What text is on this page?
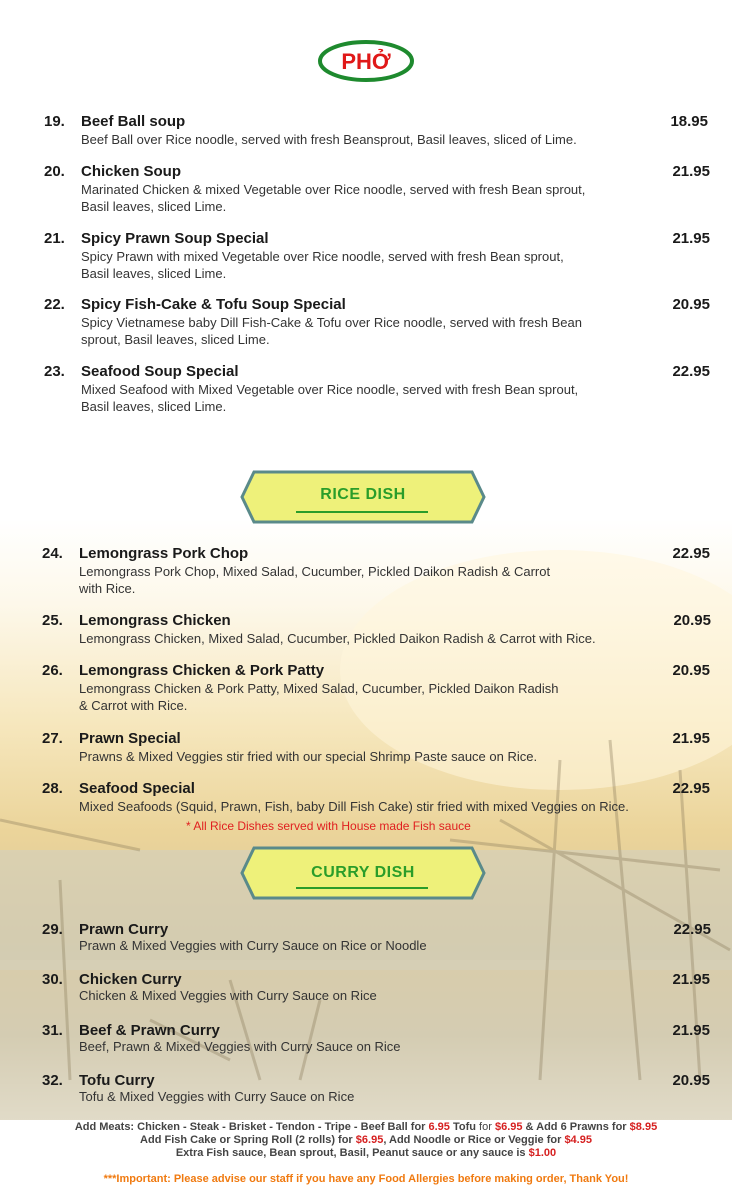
PHỞ
19. Beef Ball soup	18.95
Beef Ball over Rice noodle, served with fresh Beansprout, Basil leaves, sliced of Lime.
20. Chicken Soup	21.95
Marinated Chicken & mixed Vegetable over Rice noodle, served with fresh Bean sprout,
Basil leaves, sliced Lime.
21. Spicy Prawn Soup Special	21.95
Spicy Prawn with mixed Vegetable over Rice noodle, served with fresh Bean sprout,
Basil leaves, sliced Lime.
22. Spicy Fish-Cake & Tofu Soup Special	20.95
Spicy Vietnamese baby Dill Fish-Cake & Tofu over Rice noodle, served with fresh Bean
sprout, Basil leaves, sliced Lime.
23. Seafood Soup Special	22.95
Mixed Seafood with Mixed Vegetable over Rice noodle, served with fresh Bean sprout,
Basil leaves, sliced Lime.
RICE DISH
24. Lemongrass Pork Chop	22.95
Lemongrass Pork Chop, Mixed Salad, Cucumber, Pickled Daikon Radish & Carrot
with Rice.
25. Lemongrass Chicken	20.95
Lemongrass Chicken, Mixed Salad, Cucumber, Pickled Daikon Radish & Carrot with Rice.
26. Lemongrass Chicken & Pork Patty	20.95
Lemongrass Chicken & Pork Patty, Mixed Salad, Cucumber, Pickled Daikon Radish
& Carrot with Rice.
27. Prawn Special	21.95
Prawns & Mixed Veggies stir fried with our special Shrimp Paste sauce on Rice.
28. Seafood Special	22.95
Mixed Seafoods (Squid, Prawn, Fish, baby Dill Fish Cake) stir fried with mixed Veggies on Rice.
* All Rice Dishes served with House made Fish sauce
CURRY DISH
29. Prawn Curry	22.95
Prawn & Mixed Veggies with Curry Sauce on Rice or Noodle
30. Chicken Curry	21.95
Chicken & Mixed Veggies with Curry Sauce on Rice
31. Beef & Prawn Curry	21.95
Beef, Prawn & Mixed Veggies with Curry Sauce on Rice
32. Tofu Curry	20.95
Tofu & Mixed Veggies with Curry Sauce on Rice
Add Meats: Chicken - Steak - Brisket - Tendon - Tripe - Beef Ball for 6.95 Tofu for $6.95 & Add 6 Prawns for $8.95
Add Fish Cake or Spring Roll (2 rolls) for $6.95, Add Noodle or Rice or Veggie for $4.95
Extra Fish sauce, Bean sprout, Basil, Peanut sauce or any sauce is $1.00
***Important: Please advise our staff if you have any Food Allergies before making order, Thank You!
